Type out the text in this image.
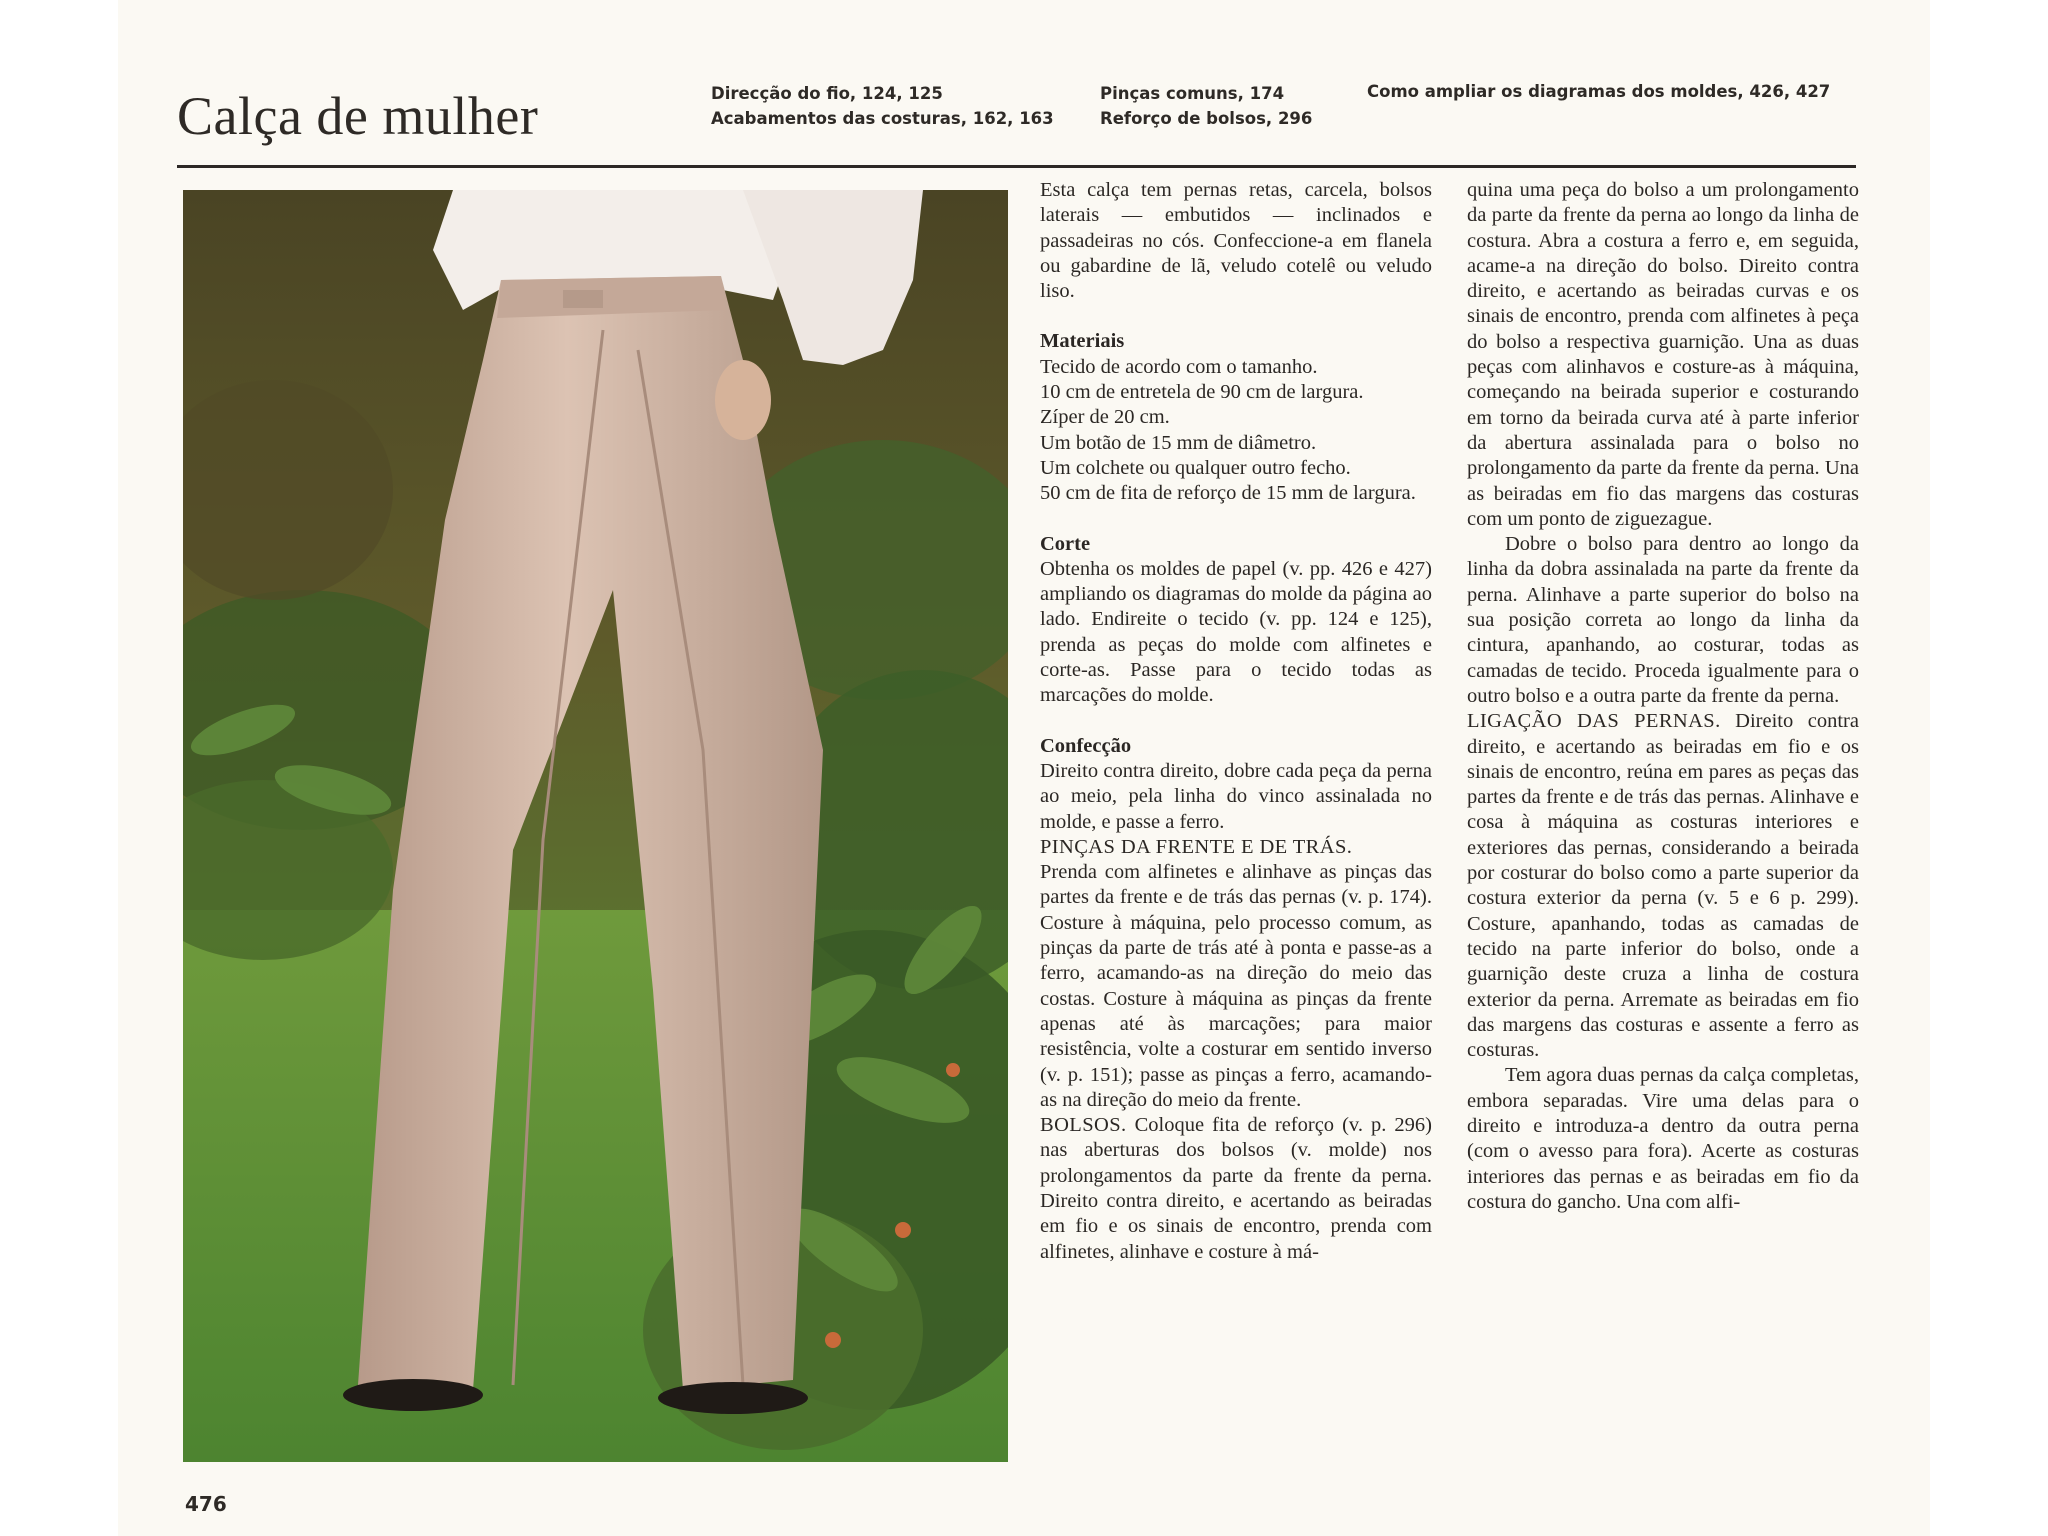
Calça de mulher	Direcção do fio, 124, 125
Acabamentos das costuras, 162, 163
Pinças comuns, 174
Reforço de bolsos, 296
Como ampliar os diagramas dos moldes, 426, 427

Esta calça tem pernas retas, carcela, bolsos laterais — embutidos — inclinados e passadeiras no cós. Confeccione-a em flanela ou gabardine de lã, veludo cotelê ou veludo liso.

Materiais

Tecido de acordo com o tamanho.

10 cm de entretela de 90 cm de largura.

Zíper de 20 cm.

Um botão de 15 mm de diâmetro.

Um colchete ou qualquer outro fecho.

50 cm de fita de reforço de 15 mm de largura.

Corte

Obtenha os moldes de papel (v. pp. 426 e 427) ampliando os diagramas do molde da página ao lado. Endireite o tecido (v. pp. 124 e 125), prenda as peças do molde com alfinetes e corte-as. Passe para o tecido todas as marcações do molde.

Confecção

Direito contra direito, dobre cada peça da perna ao meio, pela linha do vinco assinalada no molde, e passe a ferro.

PINÇAS DA FRENTE E DE TRÁS.

Prenda com alfinetes e alinhave as pinças das partes da frente e de trás das pernas (v. p. 174). Costure à máquina, pelo processo comum, as pinças da parte de trás até à ponta e passe-as a ferro, acamando-as na direção do meio das costas. Costure à máquina as pinças da frente apenas até às marcações; para maior resistência, volte a costurar em sentido inverso (v. p. 151); passe as pinças a ferro, acamando-as na direção do meio da frente.

BOLSOS. Coloque fita de reforço (v. p. 296) nas aberturas dos bolsos (v. molde) nos prolongamentos da parte da frente da perna. Direito contra direito, e acertando as beiradas em fio e os sinais de encontro, prenda com alfinetes, alinhave e costure à má-

quina uma peça do bolso a um prolongamento da parte da frente da perna ao longo da linha de costura. Abra a costura a ferro e, em seguida, acame-a na direção do bolso. Direito contra direito, e acertando as beiradas curvas e os sinais de encontro, prenda com alfinetes à peça do bolso a respectiva guarnição. Una as duas peças com alinhavos e costure-as à máquina, começando na beirada superior e costurando em torno da beirada curva até à parte inferior da abertura assinalada para o bolso no prolongamento da parte da frente da perna. Una as beiradas em fio das margens das costuras com um ponto de ziguezague.

Dobre o bolso para dentro ao longo da linha da dobra assinalada na parte da frente da perna. Alinhave a parte superior do bolso na sua posição correta ao longo da linha da cintura, apanhando, ao costurar, todas as camadas de tecido. Proceda igualmente para o outro bolso e a outra parte da frente da perna.

LIGAÇÃO DAS PERNAS. Direito contra direito, e acertando as beiradas em fio e os sinais de encontro, reúna em pares as peças das partes da frente e de trás das pernas. Alinhave e cosa à máquina as costuras interiores e exteriores das pernas, considerando a beirada por costurar do bolso como a parte superior da costura exterior da perna (v. 5 e 6 p. 299). Costure, apanhando, todas as camadas de tecido na parte inferior do bolso, onde a guarnição deste cruza a linha de costura exterior da perna. Arremate as beiradas em fio das margens das costuras e assente a ferro as costuras.

Tem agora duas pernas da calça completas, embora separadas. Vire uma delas para o direito e introduza-a dentro da outra perna (com o avesso para fora). Acerte as costuras interiores das pernas e as beiradas em fio da costura do gancho. Una com alfi-

476
